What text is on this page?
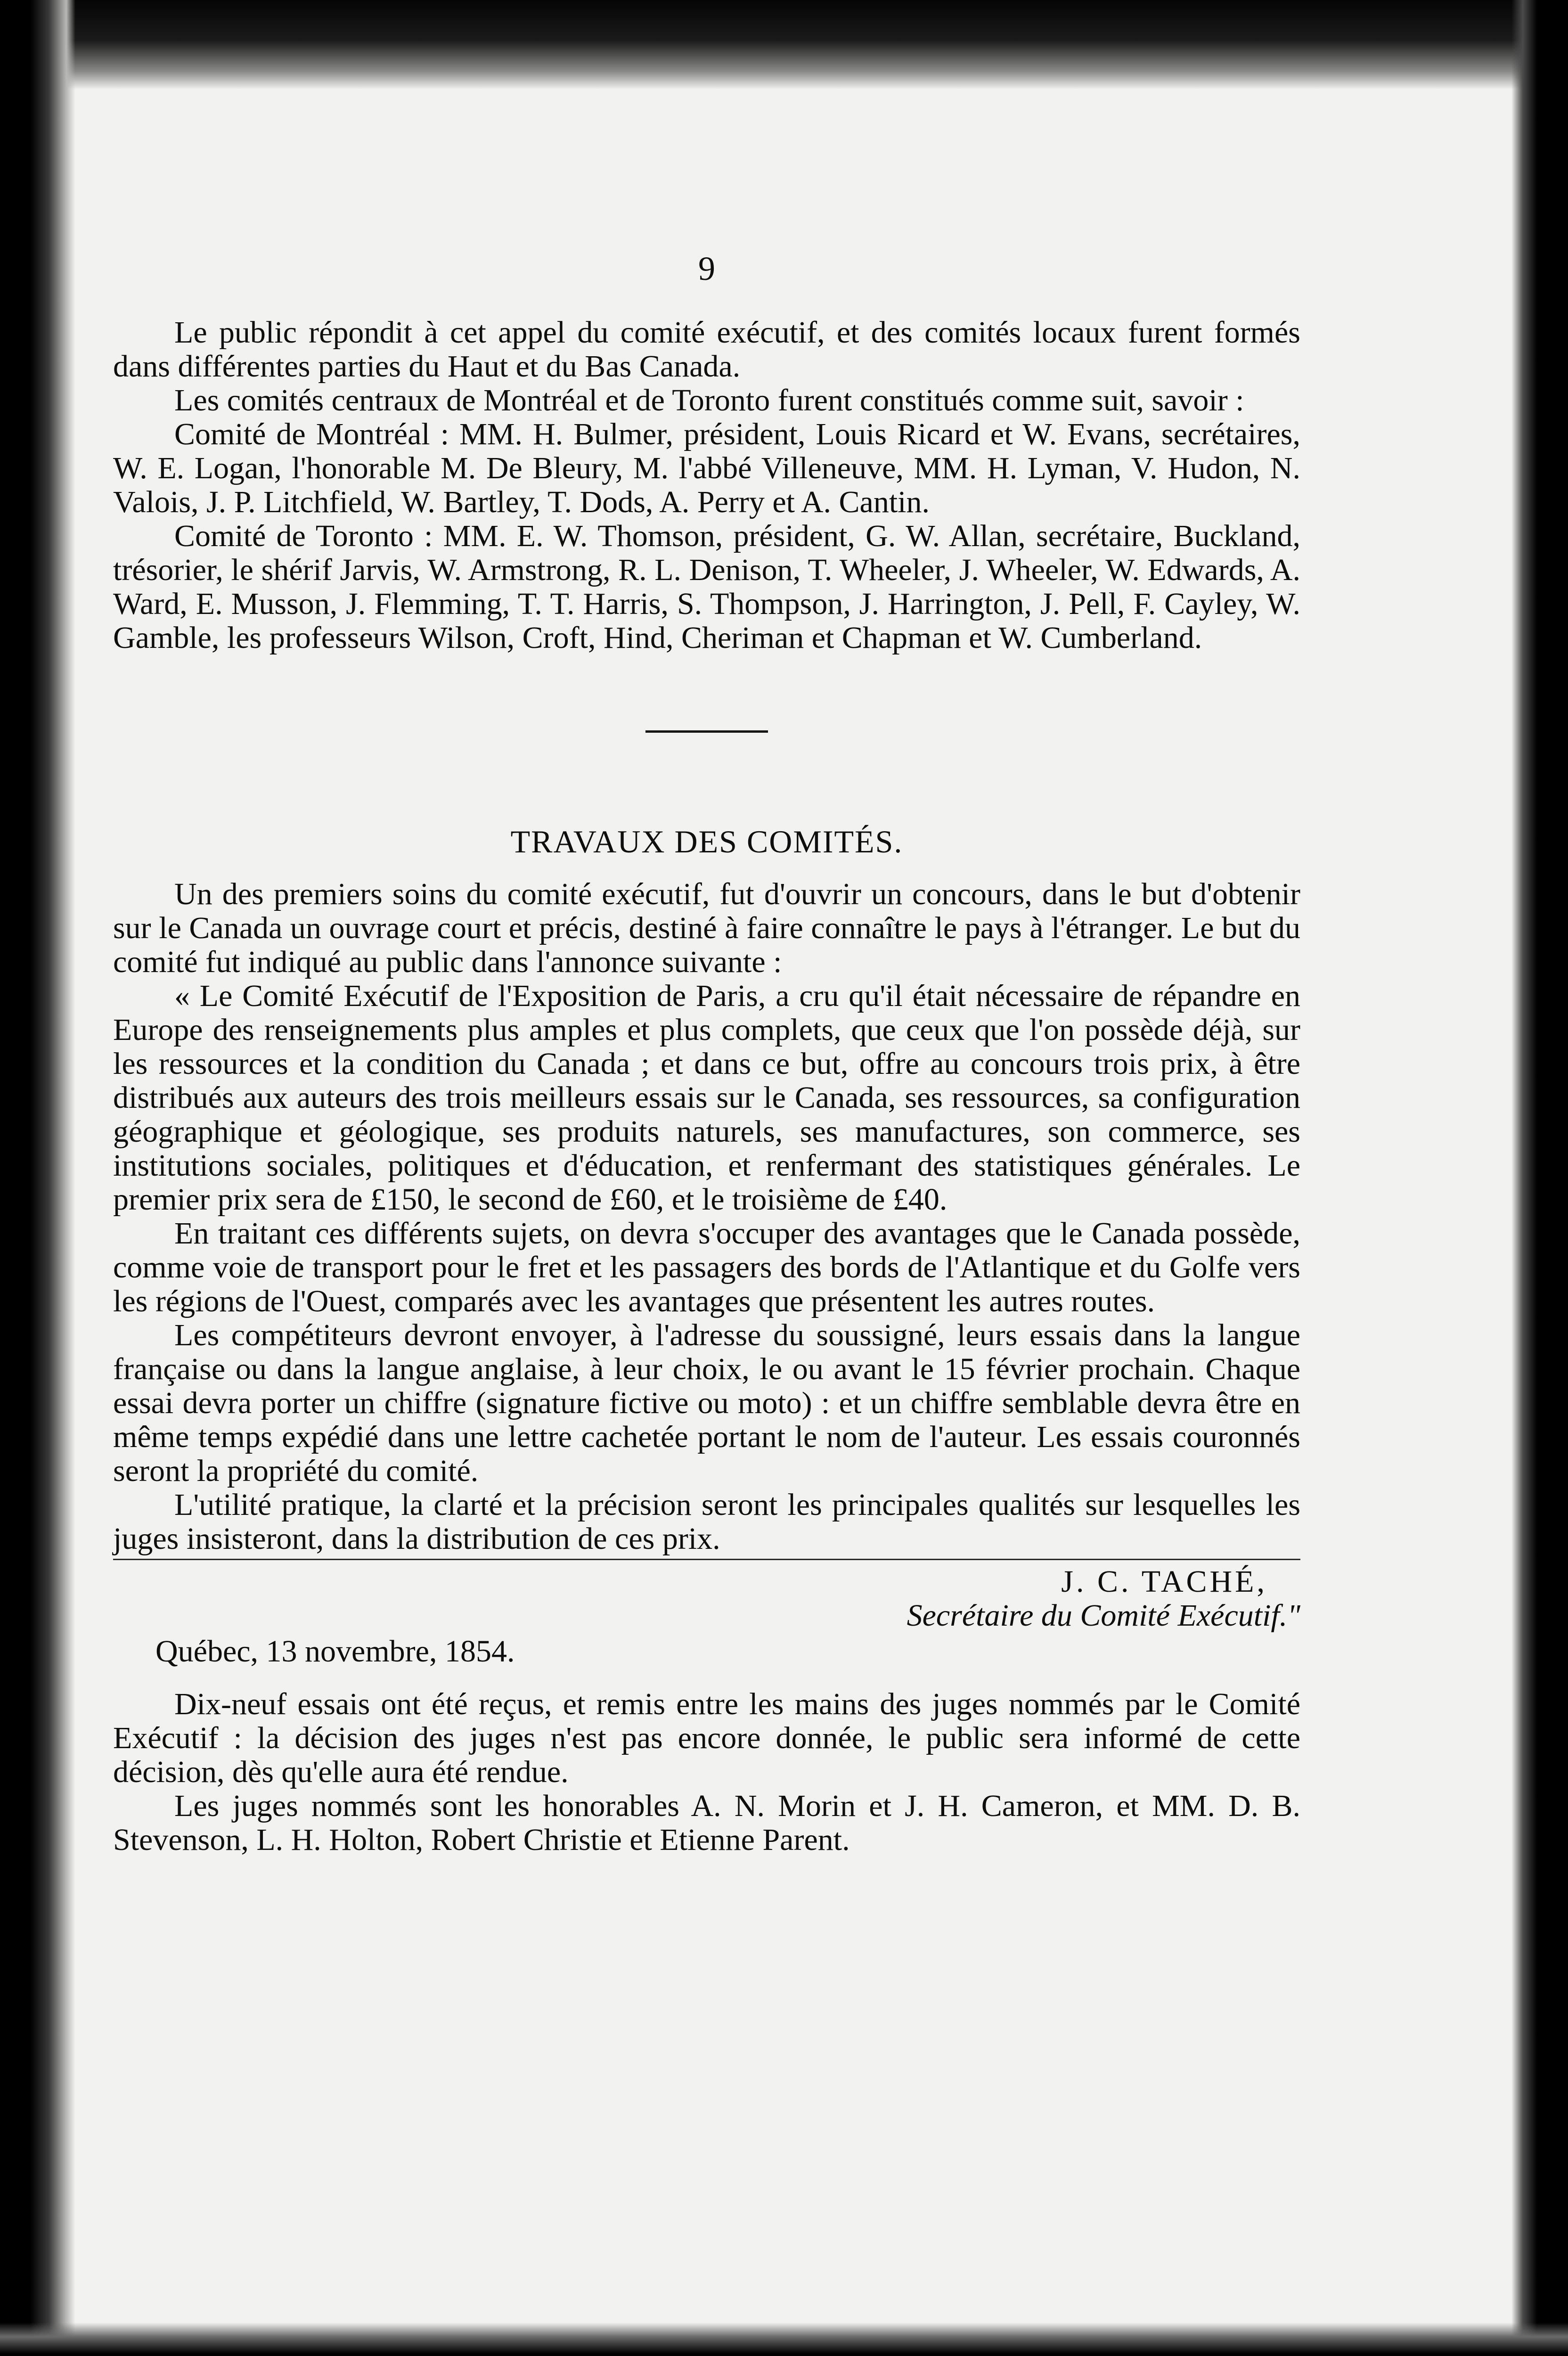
9

Le public répondit à cet appel du comité exécutif, et des comités locaux furent formés dans différentes parties du Haut et du Bas Canada.

Les comités centraux de Montréal et de Toronto furent constitués comme suit, savoir :

Comité de Montréal : MM. H. Bulmer, président, Louis Ricard et W. Evans, secrétaires, W. E. Logan, l'honorable M. De Bleury, M. l'abbé Villeneuve, MM. H. Lyman, V. Hudon, N. Valois, J. P. Litchfield, W. Bartley, T. Dods, A. Perry et A. Cantin.

Comité de Toronto : MM. E. W. Thomson, président, G. W. Allan, secrétaire, Buckland, trésorier, le shérif Jarvis, W. Armstrong, R. L. Denison, T. Wheeler, J. Wheeler, W. Edwards, A. Ward, E. Musson, J. Flemming, T. T. Harris, S. Thompson, J. Harrington, J. Pell, F. Cayley, W. Gamble, les professeurs Wilson, Croft, Hind, Cheriman et Chapman et W. Cumberland.

TRAVAUX DES COMITÉS.

Un des premiers soins du comité exécutif, fut d'ouvrir un concours, dans le but d'obtenir sur le Canada un ouvrage court et précis, destiné à faire connaître le pays à l'étranger. Le but du comité fut indiqué au public dans l'annonce suivante :

« Le Comité Exécutif de l'Exposition de Paris, a cru qu'il était nécessaire de répandre en Europe des renseignements plus amples et plus complets, que ceux que l'on possède déjà, sur les ressources et la condition du Canada ; et dans ce but, offre au concours trois prix, à être distribués aux auteurs des trois meilleurs essais sur le Canada, ses ressources, sa configuration géographique et géologique, ses produits naturels, ses manufactures, son commerce, ses institutions sociales, politiques et d'éducation, et renfermant des statistiques générales. Le premier prix sera de £150, le second de £60, et le troisième de £40.

En traitant ces différents sujets, on devra s'occuper des avantages que le Canada possède, comme voie de transport pour le fret et les passagers des bords de l'Atlantique et du Golfe vers les régions de l'Ouest, comparés avec les avantages que présentent les autres routes.

Les compétiteurs devront envoyer, à l'adresse du soussigné, leurs essais dans la langue française ou dans la langue anglaise, à leur choix, le ou avant le 15 février prochain. Chaque essai devra porter un chiffre (signature fictive ou moto) : et un chiffre semblable devra être en même temps expédié dans une lettre cachetée portant le nom de l'auteur. Les essais couronnés seront la propriété du comité.

L'utilité pratique, la clarté et la précision seront les principales qualités sur lesquelles les juges insisteront, dans la distribution de ces prix.

J. C. TACHÉ,
Secrétaire du Comité Exécutif."

Québec, 13 novembre, 1854.

Dix-neuf essais ont été reçus, et remis entre les mains des juges nommés par le Comité Exécutif : la décision des juges n'est pas encore donnée, le public sera informé de cette décision, dès qu'elle aura été rendue.

Les juges nommés sont les honorables A. N. Morin et J. H. Cameron, et MM. D. B. Stevenson, L. H. Holton, Robert Christie et Etienne Parent.
